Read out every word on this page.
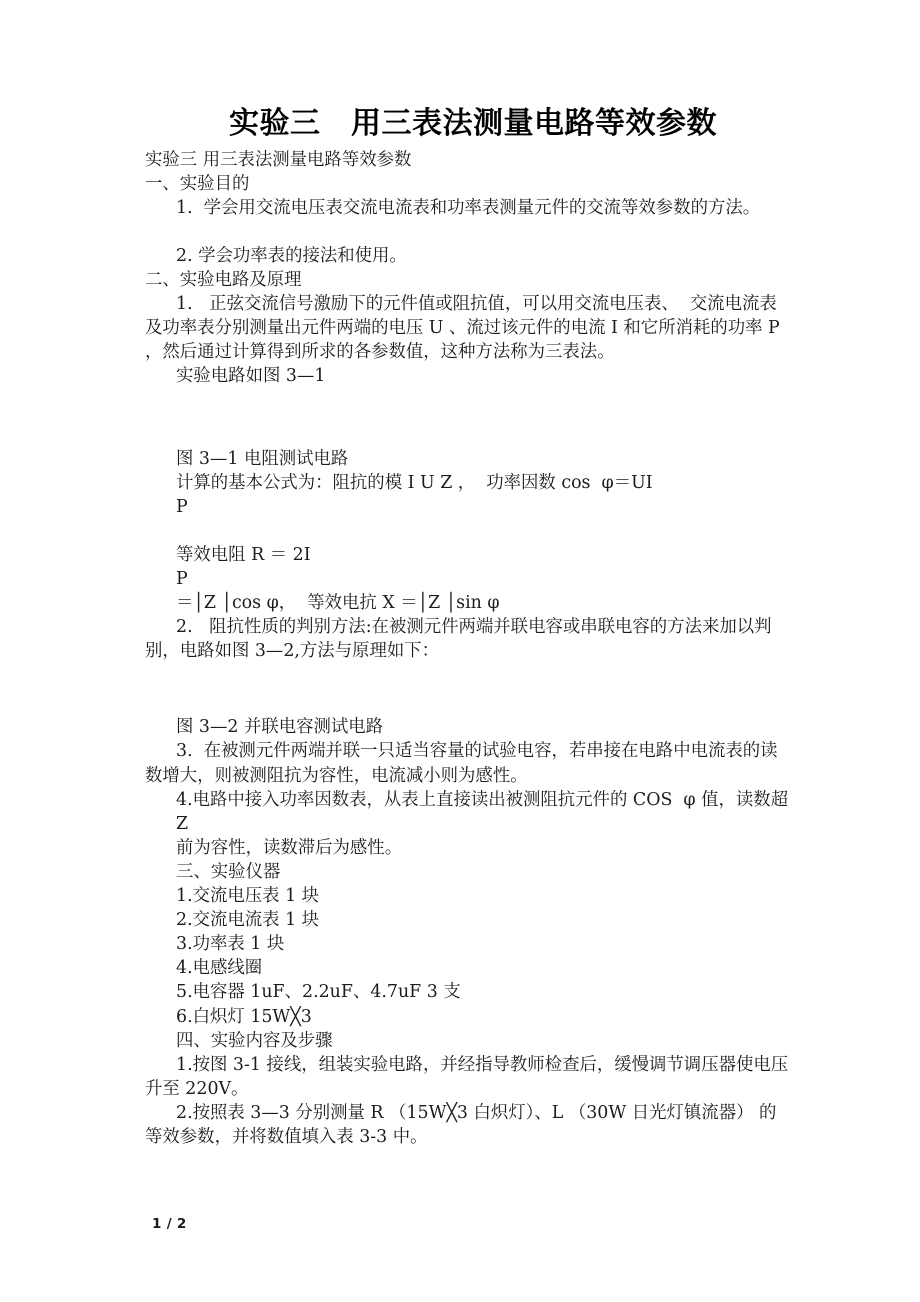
实验三　用三表法测量电路等效参数
实验三 用三表法测量电路等效参数
一、实验目的
1.  学会用交流电压表交流电流表和功率表测量元件的交流等效参数的方法。
2. 学会功率表的接法和使用。
二、实验电路及原理
1.   正弦交流信号激励下的元件值或阻抗值，可以用交流电压表、  交流电流表及功率表分别测量出元件两端的电压 U 、流过该元件的电流 I 和它所消耗的功率 P ，然后通过计算得到所求的各参数值，这种方法称为三表法。
实验电路如图 3—1
图 3—1 电阻测试电路
计算的基本公式为：阻抗的模 I U Z ，  功率因数 cos  φ＝UI
P
等效电阻 R ＝ 2I
P
＝│Z │cos φ，  等效电抗 X ＝│Z │sin φ
2.   阻抗性质的判别方法:在被测元件两端并联电容或串联电容的方法来加以判别，电路如图 3—2,方法与原理如下：
图 3—2 并联电容测试电路
3.  在被测元件两端并联一只适当容量的试验电容，若串接在电路中电流表的读数增大，则被测阻抗为容性，电流减小则为感性。
4.电路中接入功率因数表，从表上直接读出被测阻抗元件的 COS  φ 值，读数超
Z
前为容性，读数滞后为感性。
三、实验仪器
1.交流电压表 1 块
2.交流电流表 1 块
3.功率表 1 块
4.电感线圈
5.电容器 1uF、2.2uF、4.7uF 3 支
6.白炽灯 15W╳3
四、实验内容及步骤
1.按图 3-1 接线，组装实验电路，并经指导教师检查后，缓慢调节调压器使电压升至 220V。
2.按照表 3—3 分别测量 R （15W╳3 白炽灯）、L （30W 日光灯镇流器） 的等效参数，并将数值填入表 3-3 中。
1 / 2
